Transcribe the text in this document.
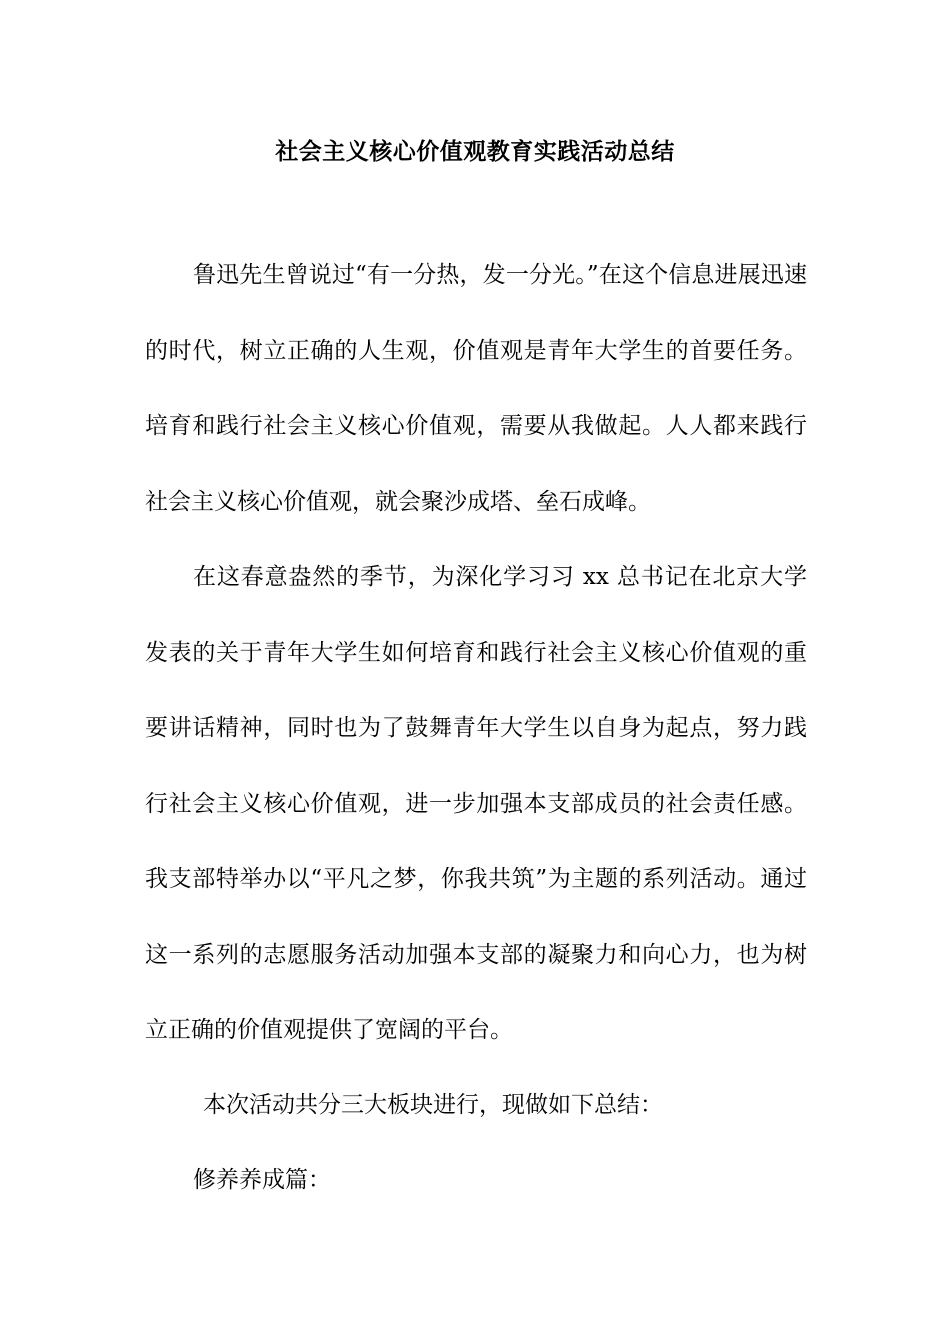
社会主义核心价值观教育实践活动总结

鲁迅先生曾说过“有一分热，发一分光。”在这个信息进展迅速的时代，树立正确的人生观，价值观是青年大学生的首要任务。培育和践行社会主义核心价值观，需要从我做起。人人都来践行社会主义核心价值观，就会聚沙成塔、垒石成峰。

在这春意盎然的季节，为深化学习习 xx 总书记在北京大学发表的关于青年大学生如何培育和践行社会主义核心价值观的重要讲话精神，同时也为了鼓舞青年大学生以自身为起点，努力践行社会主义核心价值观，进一步加强本支部成员的社会责任感。我支部特举办以“平凡之梦，你我共筑”为主题的系列活动。通过这一系列的志愿服务活动加强本支部的凝聚力和向心力，也为树立正确的价值观提供了宽阔的平台。

本次活动共分三大板块进行，现做如下总结：

修养养成篇：
